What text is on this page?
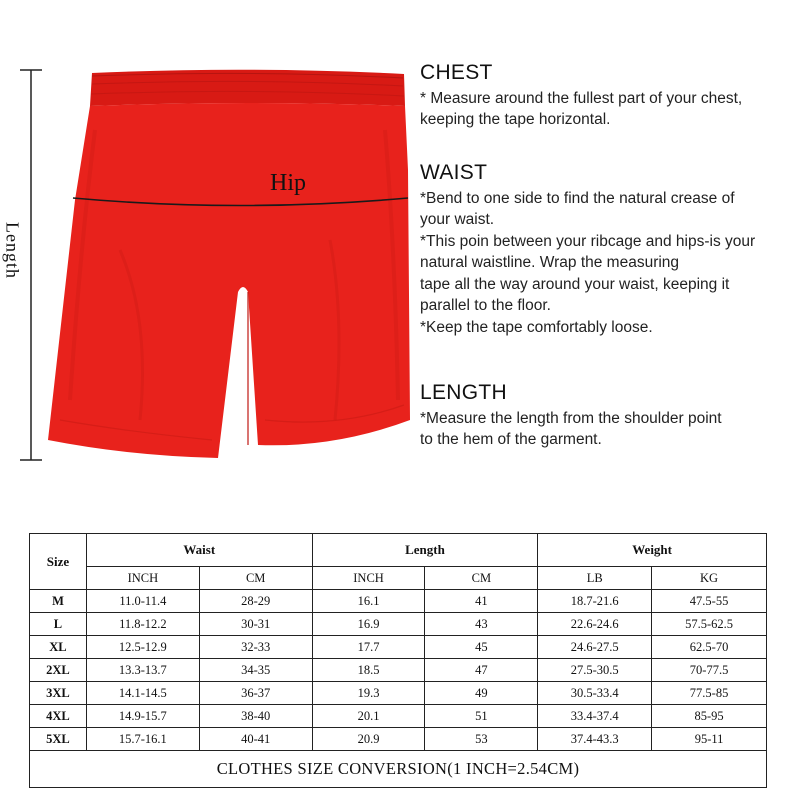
Length
Hip
CHEST

* Measure around the fullest part of your chest,

keeping the tape horizontal.

WAIST

*Bend to one side to find the natural crease of

your waist.

*This poin between your ribcage and hips-is your

natural waistline. Wrap the measuring

tape all the way around your waist, keeping it

parallel to the floor.

*Keep the tape comfortably loose.

LENGTH

*Measure the length from the shoulder point

to the hem of the garment.

Size	Waist		Length		Weight	
	INCH	CM	INCH	CM	LB	KG
M	11.0-11.4	28-29	16.1	41	18.7-21.6	47.5-55
L	11.8-12.2	30-31	16.9	43	22.6-24.6	57.5-62.5
XL	12.5-12.9	32-33	17.7	45	24.6-27.5	62.5-70
2XL	13.3-13.7	34-35	18.5	47	27.5-30.5	70-77.5
3XL	14.1-14.5	36-37	19.3	49	30.5-33.4	77.5-85
4XL	14.9-15.7	38-40	20.1	51	33.4-37.4	85-95
5XL	15.7-16.1	40-41	20.9	53	37.4-43.3	95-11
CLOTHES SIZE CONVERSION(1 INCH=2.54CM)						
